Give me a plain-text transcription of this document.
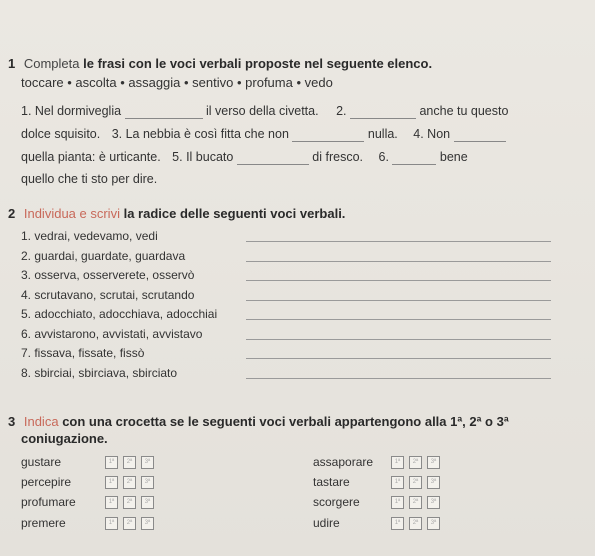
1 Completa le frasi con le voci verbali proposte nel seguente elenco.
toccare • ascolta • assaggia • sentivo • profuma • vedo
1. Nel dormiveglia	il verso della civetta. 2.	anche tu questo
dolce squisito. 3. La nebbia è così fitta che non	nulla. 4. Non
quella pianta: è urticante. 5. Il bucato	di fresco. 6.	bene
quello che ti sto per dire.
2 Individua e scrivi la radice delle seguenti voci verbali.
1. vedrai, vedevamo, vedi
2. guardai, guardate, guardava
3. osserva, osserverete, osservò
4. scrutavano, scrutai, scrutando
5. adocchiato, adocchiava, adocchiai
6. avvistarono, avvistati, avvistavo
7. fissava, fissate, fissò
8. sbirciai, sbirciava, sbirciato
3 Indica con una crocetta se le seguenti voci verbali appartengono alla 1ª, 2ª o 3ª
coniugazione.
gustare	1ª	2ª	3ª	assaporare	1ª	2ª	3ª
percepire	1ª	2ª	3ª	tastare	1ª	2ª	3ª
profumare	1ª	2ª	3ª	scorgere	1ª	2ª	3ª
premere	1ª	2ª	3ª	udire	1ª	2ª	3ª
